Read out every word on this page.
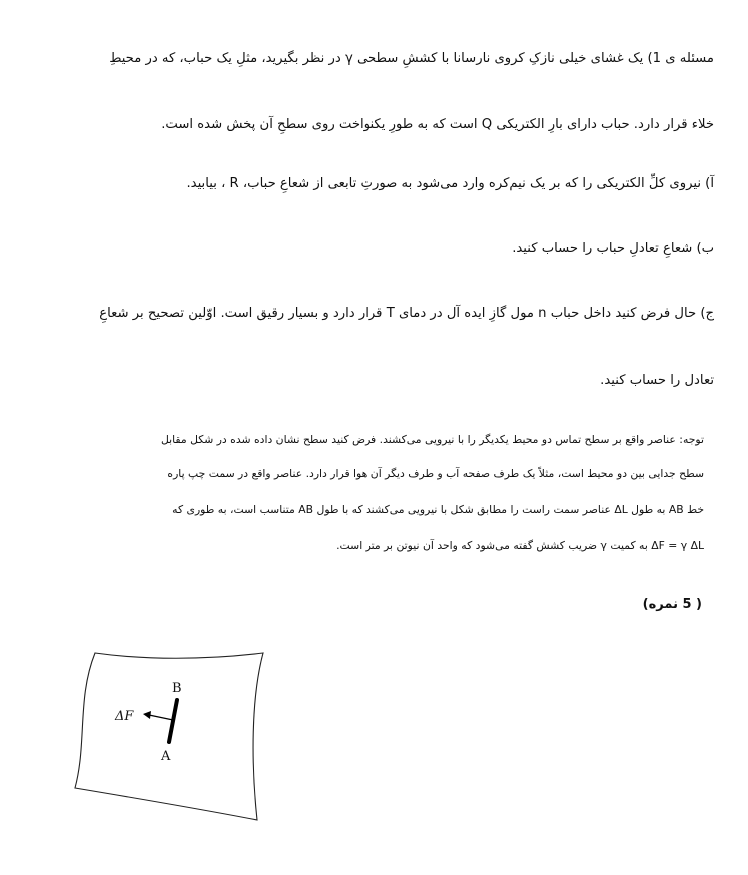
مسئله ی 1) یک غشای خیلی نازکِ کروی نارسانا با کششِ سطحی γ در نظر بگیرید، مثلِ یک حباب، که در محیطِ
خلاء قرار دارد. حباب دارای بارِ الکتریکی Q است که به طورِ یکنواخت روی سطحِ آن پخش شده است.
آ) نیروی کلِّ الکتریکی را که بر یک نیم‌کره وارد می‌شود به صورتِ تابعی از شعاعِ حباب، R ، بیابید.
ب) شعاعِ تعادلِ حباب را حساب کنید.
ج) حال فرض کنید داخل حباب n مول گازِ ایده آل در دمای T قرار دارد و بسیار رقیق است. اوّلین تصحیح بر شعاعِ
تعادل را حساب کنید.
توجه: عناصر واقع بر سطح تماس دو محیط یکدیگر را با نیرویی می‌کشند. فرض کنید سطح نشان داده شده در شکل مقابل
سطح جدایی بین دو محیط است، مثلاً یک طرف صفحه آب و طرف دیگر آن هوا قرار دارد. عناصر واقع در سمت چپ پاره
خط AB به طول ΔL عناصر سمت راست را مطابق شکل با نیرویی می‌کشند که با طول AB متناسب است، به طوری که
ΔF = γ ΔL به کمیت γ ضریب کشش گفته می‌شود که واحد آن نیوتن بر متر است.
( 5 نمره)
B
A
ΔF
